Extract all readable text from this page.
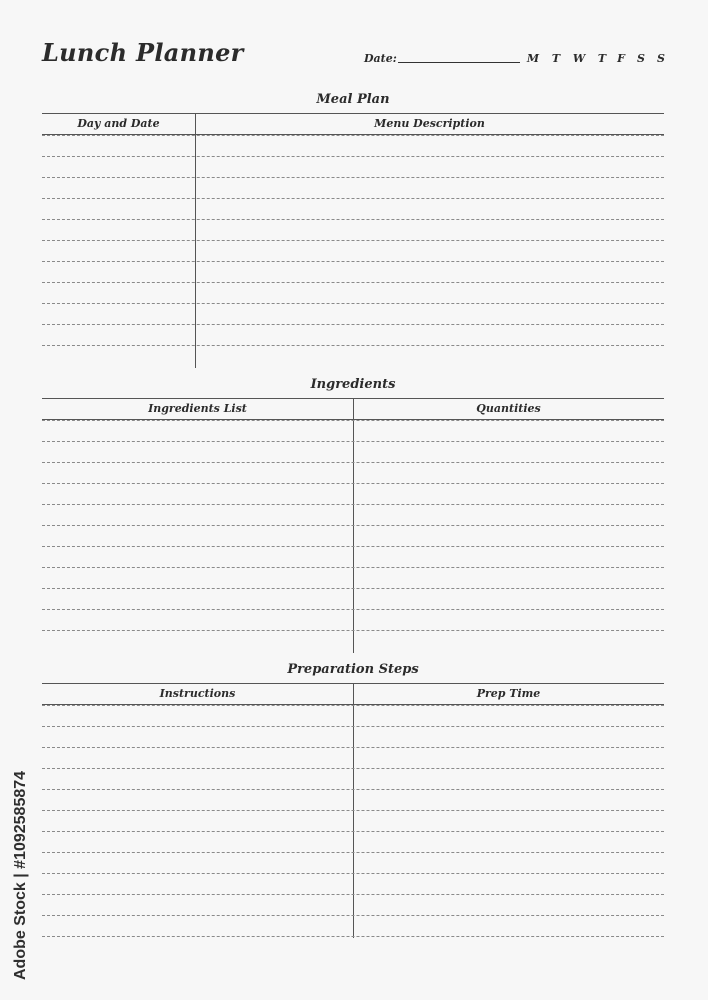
Lunch Planner	Date:	M T W T F S S
Meal Plan
Day and Date	Menu Description
Ingredients
Ingredients List	Quantities
Preparation Steps
Instructions	Prep Time
Adobe Stock | #1092585874
